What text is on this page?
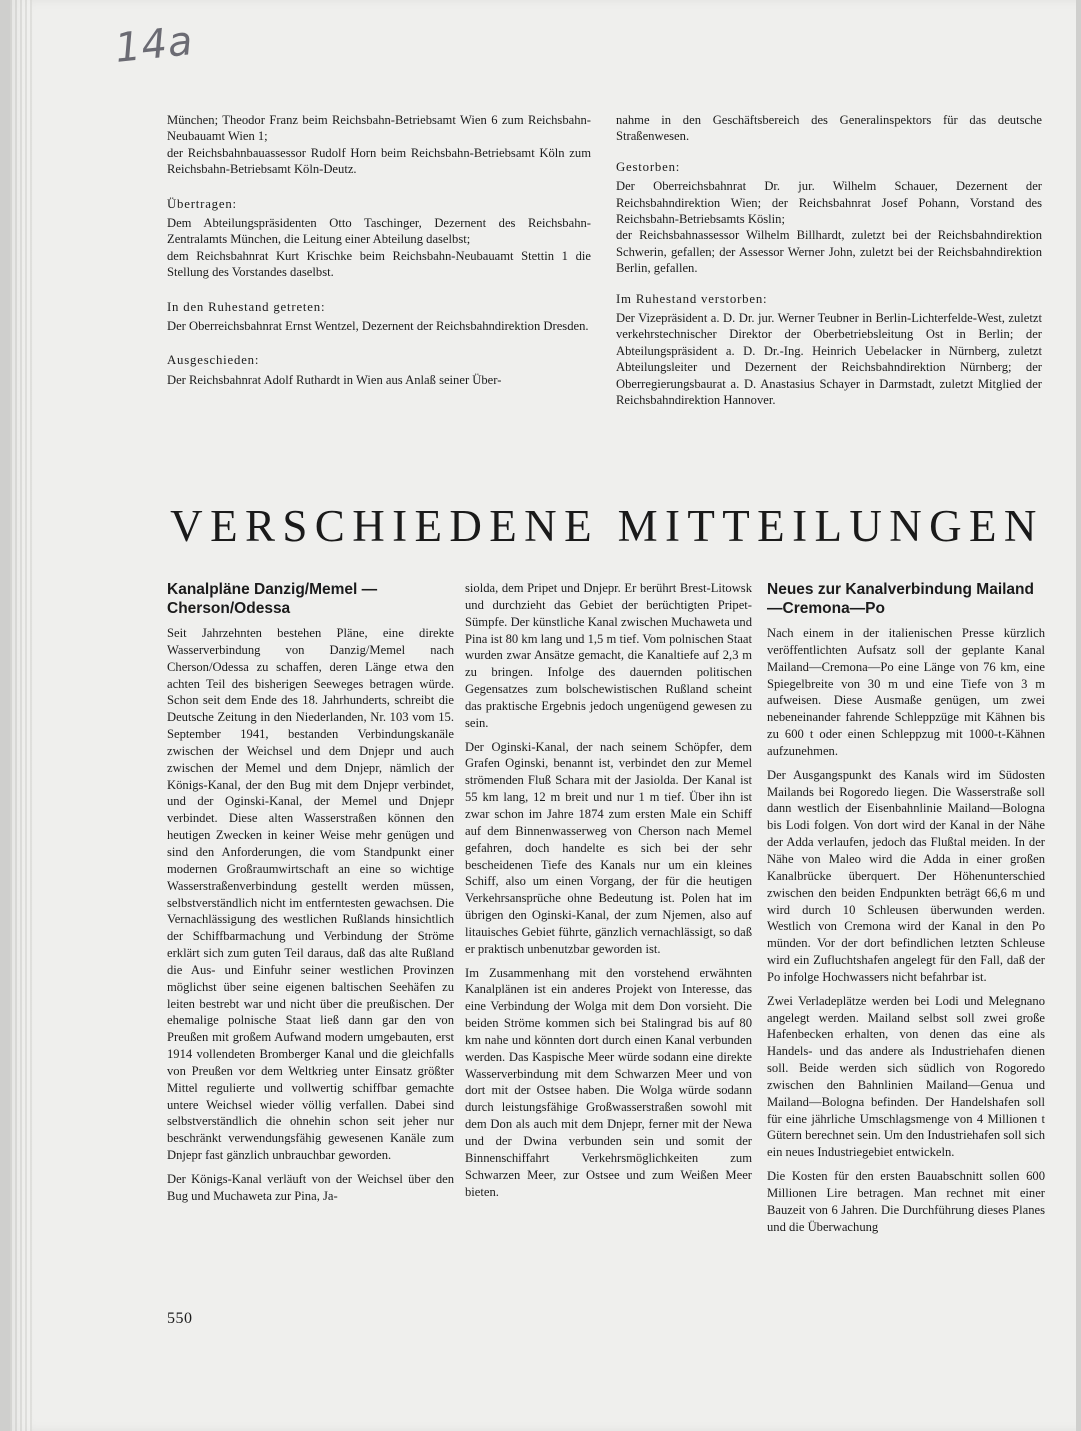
14a

München; Theodor Franz beim Reichsbahn-Betriebsamt Wien 6 zum Reichsbahn-Neubauamt Wien 1;

der Reichsbahnbauassessor Rudolf Horn beim Reichsbahn-Betriebsamt Köln zum Reichsbahn-Betriebsamt Köln-Deutz.

Übertragen:

Dem Abteilungspräsidenten Otto Taschinger, Dezernent des Reichsbahn-Zentralamts München, die Leitung einer Abteilung daselbst;

dem Reichsbahnrat Kurt Krischke beim Reichsbahn-Neubauamt Stettin 1 die Stellung des Vorstandes daselbst.

In den Ruhestand getreten:

Der Oberreichsbahnrat Ernst Wentzel, Dezernent der Reichsbahndirektion Dresden.

Ausgeschieden:

Der Reichsbahnrat Adolf Ruthardt in Wien aus Anlaß seiner Über-

nahme in den Geschäftsbereich des Generalinspektors für das deutsche Straßenwesen.

Gestorben:

Der Oberreichsbahnrat Dr. jur. Wilhelm Schauer, Dezernent der Reichsbahndirektion Wien; der Reichsbahnrat Josef Pohann, Vorstand des Reichsbahn-Betriebsamts Köslin;

der Reichsbahnassessor Wilhelm Billhardt, zuletzt bei der Reichsbahndirektion Schwerin, gefallen; der Assessor Werner John, zuletzt bei der Reichsbahndirektion Berlin, gefallen.

Im Ruhestand verstorben:

Der Vizepräsident a. D. Dr. jur. Werner Teubner in Berlin-Lichterfelde-West, zuletzt verkehrstechnischer Direktor der Oberbetriebsleitung Ost in Berlin; der Abteilungspräsident a. D. Dr.-Ing. Heinrich Uebelacker in Nürnberg, zuletzt Abteilungsleiter und Dezernent der Reichsbahndirektion Nürnberg; der Oberregierungsbaurat a. D. Anastasius Schayer in Darmstadt, zuletzt Mitglied der Reichsbahndirektion Hannover.

VERSCHIEDENE MITTEILUNGEN
Kanalpläne Danzig/Memel — Cherson/Odessa

Seit Jahrzehnten bestehen Pläne, eine direkte Wasserverbindung von Danzig/Memel nach Cherson/Odessa zu schaffen, deren Länge etwa den achten Teil des bisherigen Seeweges betragen würde. Schon seit dem Ende des 18. Jahrhunderts, schreibt die Deutsche Zeitung in den Niederlanden, Nr. 103 vom 15. September 1941, bestanden Verbindungskanäle zwischen der Weichsel und dem Dnjepr und auch zwischen der Memel und dem Dnjepr, nämlich der Königs-Kanal, der den Bug mit dem Dnjepr verbindet, und der Oginski-Kanal, der Memel und Dnjepr verbindet. Diese alten Wasserstraßen können den heutigen Zwecken in keiner Weise mehr genügen und sind den Anforderungen, die vom Standpunkt einer modernen Großraumwirtschaft an eine so wichtige Wasserstraßenverbindung gestellt werden müssen, selbstverständlich nicht im entferntesten gewachsen. Die Vernachlässigung des westlichen Rußlands hinsichtlich der Schiffbarmachung und Verbindung der Ströme erklärt sich zum guten Teil daraus, daß das alte Rußland die Aus- und Einfuhr seiner westlichen Provinzen möglichst über seine eigenen baltischen Seehäfen zu leiten bestrebt war und nicht über die preußischen. Der ehemalige polnische Staat ließ dann gar den von Preußen mit großem Aufwand modern umgebauten, erst 1914 vollendeten Bromberger Kanal und die gleichfalls von Preußen vor dem Weltkrieg unter Einsatz größter Mittel regulierte und vollwertig schiffbar gemachte untere Weichsel wieder völlig verfallen. Dabei sind selbstverständlich die ohnehin schon seit jeher nur beschränkt verwendungsfähig gewesenen Kanäle zum Dnjepr fast gänzlich unbrauchbar geworden.

Der Königs-Kanal verläuft von der Weichsel über den Bug und Muchaweta zur Pina, Ja-

siolda, dem Pripet und Dnjepr. Er berührt Brest-Litowsk und durchzieht das Gebiet der berüchtigten Pripet-Sümpfe. Der künstliche Kanal zwischen Muchaweta und Pina ist 80 km lang und 1,5 m tief. Vom polnischen Staat wurden zwar Ansätze gemacht, die Kanaltiefe auf 2,3 m zu bringen. Infolge des dauernden politischen Gegensatzes zum bolschewistischen Rußland scheint das praktische Ergebnis jedoch ungenügend gewesen zu sein.

Der Oginski-Kanal, der nach seinem Schöpfer, dem Grafen Oginski, benannt ist, verbindet den zur Memel strömenden Fluß Schara mit der Jasiolda. Der Kanal ist 55 km lang, 12 m breit und nur 1 m tief. Über ihn ist zwar schon im Jahre 1874 zum ersten Male ein Schiff auf dem Binnenwasserweg von Cherson nach Memel gefahren, doch handelte es sich bei der sehr bescheidenen Tiefe des Kanals nur um ein kleines Schiff, also um einen Vorgang, der für die heutigen Verkehrsansprüche ohne Bedeutung ist. Polen hat im übrigen den Oginski-Kanal, der zum Njemen, also auf litauisches Gebiet führte, gänzlich vernachlässigt, so daß er praktisch unbenutzbar geworden ist.

Im Zusammenhang mit den vorstehend erwähnten Kanalplänen ist ein anderes Projekt von Interesse, das eine Verbindung der Wolga mit dem Don vorsieht. Die beiden Ströme kommen sich bei Stalingrad bis auf 80 km nahe und könnten dort durch einen Kanal verbunden werden. Das Kaspische Meer würde sodann eine direkte Wasserverbindung mit dem Schwarzen Meer und von dort mit der Ostsee haben. Die Wolga würde sodann durch leistungsfähige Großwasserstraßen sowohl mit dem Don als auch mit dem Dnjepr, ferner mit der Newa und der Dwina verbunden sein und somit der Binnenschiffahrt Verkehrsmöglichkeiten zum Schwarzen Meer, zur Ostsee und zum Weißen Meer bieten.

Neues zur Kanalverbindung Mailand—Cremona—Po

Nach einem in der italienischen Presse kürzlich veröffentlichten Aufsatz soll der geplante Kanal Mailand—Cremona—Po eine Länge von 76 km, eine Spiegelbreite von 30 m und eine Tiefe von 3 m aufweisen. Diese Ausmaße genügen, um zwei nebeneinander fahrende Schleppzüge mit Kähnen bis zu 600 t oder einen Schleppzug mit 1000-t-Kähnen aufzunehmen.

Der Ausgangspunkt des Kanals wird im Südosten Mailands bei Rogoredo liegen. Die Wasserstraße soll dann westlich der Eisenbahnlinie Mailand—Bologna bis Lodi folgen. Von dort wird der Kanal in der Nähe der Adda verlaufen, jedoch das Flußtal meiden. In der Nähe von Maleo wird die Adda in einer großen Kanalbrücke überquert. Der Höhenunterschied zwischen den beiden Endpunkten beträgt 66,6 m und wird durch 10 Schleusen überwunden werden. Westlich von Cremona wird der Kanal in den Po münden. Vor der dort befindlichen letzten Schleuse wird ein Zufluchtshafen angelegt für den Fall, daß der Po infolge Hochwassers nicht befahrbar ist.

Zwei Verladeplätze werden bei Lodi und Melegnano angelegt werden. Mailand selbst soll zwei große Hafenbecken erhalten, von denen das eine als Handels- und das andere als Industriehafen dienen soll. Beide werden sich südlich von Rogoredo zwischen den Bahnlinien Mailand—Genua und Mailand—Bologna befinden. Der Handelshafen soll für eine jährliche Umschlagsmenge von 4 Millionen t Gütern berechnet sein. Um den Industriehafen soll sich ein neues Industriegebiet entwickeln.

Die Kosten für den ersten Bauabschnitt sollen 600 Millionen Lire betragen. Man rechnet mit einer Bauzeit von 6 Jahren. Die Durchführung dieses Planes und die Überwachung

550
